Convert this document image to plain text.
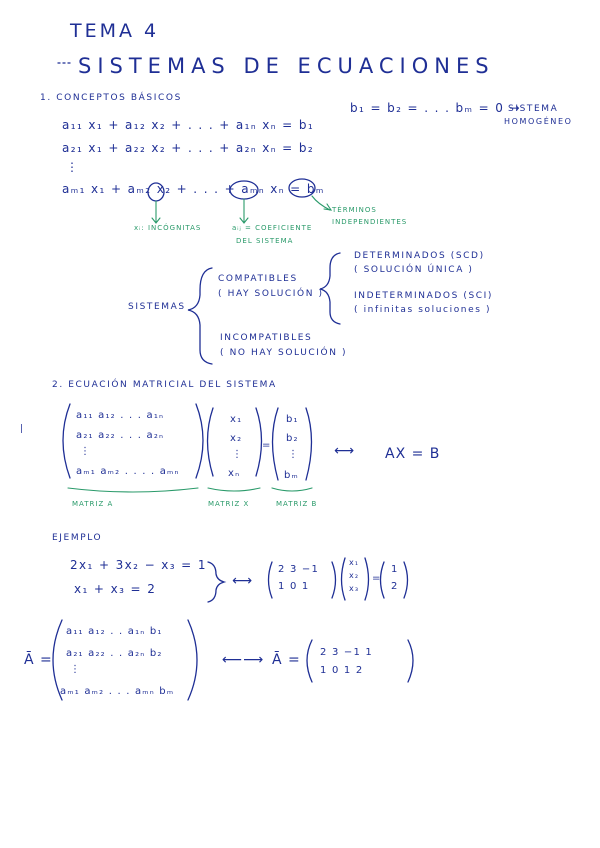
TEMA 4
SISTEMAS DE ECUACIONES
1. CONCEPTOS BÁSICOS
a₁₁ x₁ + a₁₂ x₂ + . . . + a₁ₙ xₙ = b₁
a₂₁ x₁ + a₂₂ x₂ + . . . + a₂ₙ xₙ = b₂
⋮
aₘ₁ x₁ + aₘ₂ x₂ + . . . + aₘₙ xₙ = bₘ
b₁ = b₂ = . . . bₘ = 0 →
SISTEMA
HOMOGÉNEO
xᵢ: INCÓGNITAS	aᵢⱼ = COEFICIENTE
DEL SISTEMA
TÉRMINOS
INDEPENDIENTES
SISTEMAS
COMPATIBLES
( HAY SOLUCIÓN )
DETERMINADOS (SCD)
( SOLUCIÓN ÚNICA )
INDETERMINADOS (SCI)
( infinitas soluciones )
INCOMPATIBLES
( NO HAY SOLUCIÓN )
2. ECUACIÓN MATRICIAL DEL SISTEMA
|
a₁₁ a₁₂ . . . a₁ₙ
a₂₁ a₂₂ . . . a₂ₙ
⋮
aₘ₁ aₘ₂ . . . . aₘₙ
x₁
x₂
⋮
xₙ
=
b₁
b₂
⋮
bₘ
⟷ AX = B
MATRIZ A	MATRIZ X	MATRIZ B
EJEMPLO
2x₁ + 3x₂ − x₃ = 1
x₁ + x₃ = 2	⟷
2 3 −1
1 0 1
x₁
x₂
x₃
=
1
2
Ā =
a₁₁ a₁₂ . . a₁ₙ b₁
a₂₁ a₂₂ . . a₂ₙ b₂
⋮
aₘ₁ aₘ₂ . . . aₘₙ bₘ
⟵⟶ Ā = 2 3 −1 1
1 0 1 2
